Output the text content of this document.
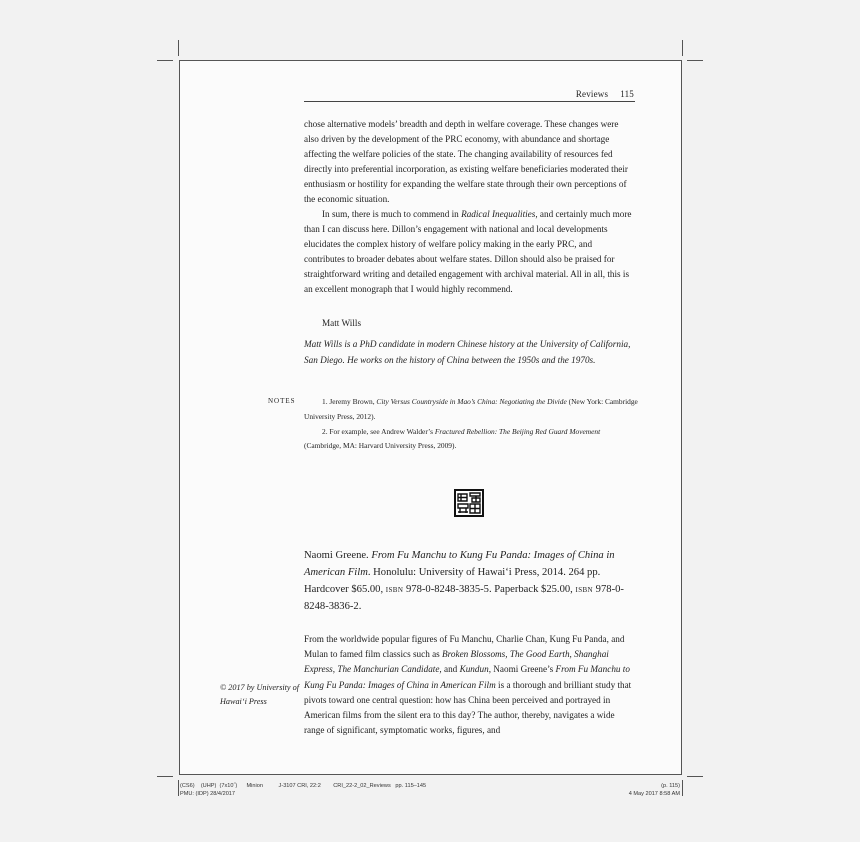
Reviews 115

chose alternative models’ breadth and depth in welfare coverage. These changes were also driven by the development of the PRC economy, with abundance and shortage affecting the welfare policies of the state. The changing availability of resources fed directly into preferential incorporation, as existing welfare beneficiaries moderated their enthusiasm or hostility for expanding the welfare state through their own perceptions of the economic situation.

In sum, there is much to commend in Radical Inequalities, and certainly much more than I can discuss here. Dillon’s engagement with national and local developments elucidates the complex history of welfare policy making in the early PRC, and contributes to broader debates about welfare states. Dillon should also be praised for straightforward writing and detailed engagement with archival material. All in all, this is an excellent monograph that I would highly recommend.

Matt Wills
Matt Wills is a PhD candidate in modern Chinese history at the University of California, San Diego. He works on the history of China between the 1950s and the 1970s.
NOTES	1. Jeremy Brown, City Versus Countryside in Mao’s China: Negotiating the Divide (New York: Cambridge University Press, 2012).

2. For example, see Andrew Walder’s Fractured Rebellion: The Beijing Red Guard Movement (Cambridge, MA: Harvard University Press, 2009).

Naomi Greene. From Fu Manchu to Kung Fu Panda: Images of China in American Film. Honolulu: University of Hawai‘i Press, 2014. 264 pp. Hardcover $65.00, isbn 978-0-8248-3835-5. Paperback $25.00, isbn 978-0-8248-3836-2.
From the worldwide popular figures of Fu Manchu, Charlie Chan, Kung Fu Panda, and Mulan to famed film classics such as Broken Blossoms, The Good Earth, Shanghai Express, The Manchurian Candidate, and Kundun, Naomi Greene’s From Fu Manchu to Kung Fu Panda: Images of China in American Film is a thorough and brilliant study that pivots toward one central question: how has China been perceived and portrayed in American films from the silent era to this day? The author, thereby, navigates a wide range of significant, symptomatic works, figures, and
© 2017 by University of Hawai‘i Press
(CS6)    (UHP)  (7x10˝)      Minion          J-3107 CRI, 22:2        CRI_22-2_02_Reviews   pp. 115–145
PMU: (IDP) 28/4/2017
(p. 115)
4 May 2017 8:58 AM
